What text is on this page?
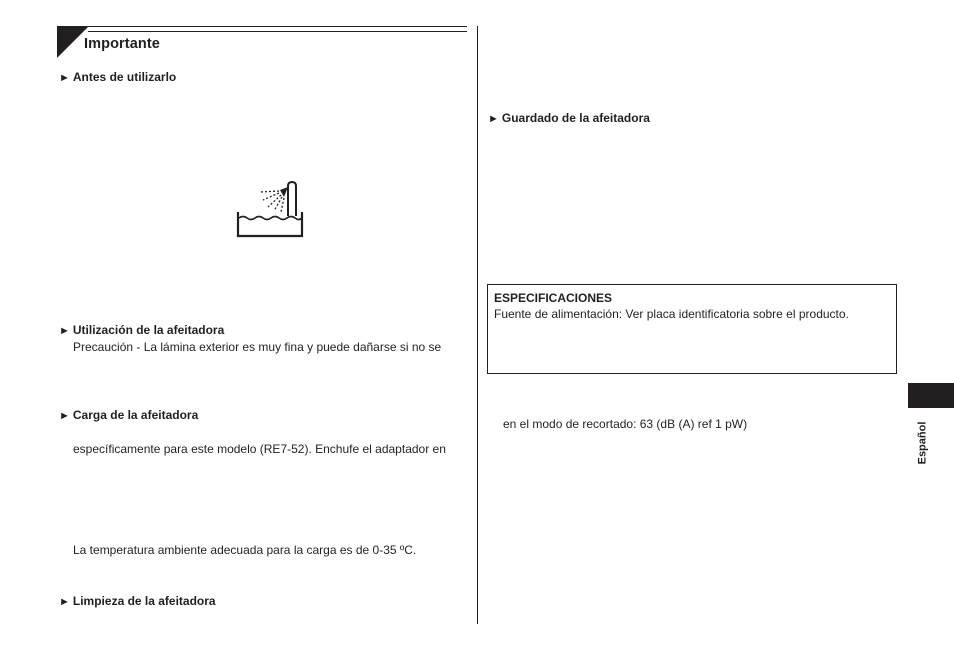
Importante
► Antes de utilizarlo
► Utilización de la afeitadora
Precaución - La lámina exterior es muy fina y puede dañarse si no se
► Carga de la afeitadora
específicamente para este modelo (RE7-52). Enchufe el adaptador en
La temperatura ambiente adecuada para la carga es de 0-35 ºC.
► Limpieza de la afeitadora
► Guardado de la afeitadora
ESPECIFICACIONES
Fuente de alimentación: Ver placa identificatoria sobre el producto.
en el modo de recortado: 63 (dB (A) ref 1 pW)	Español
